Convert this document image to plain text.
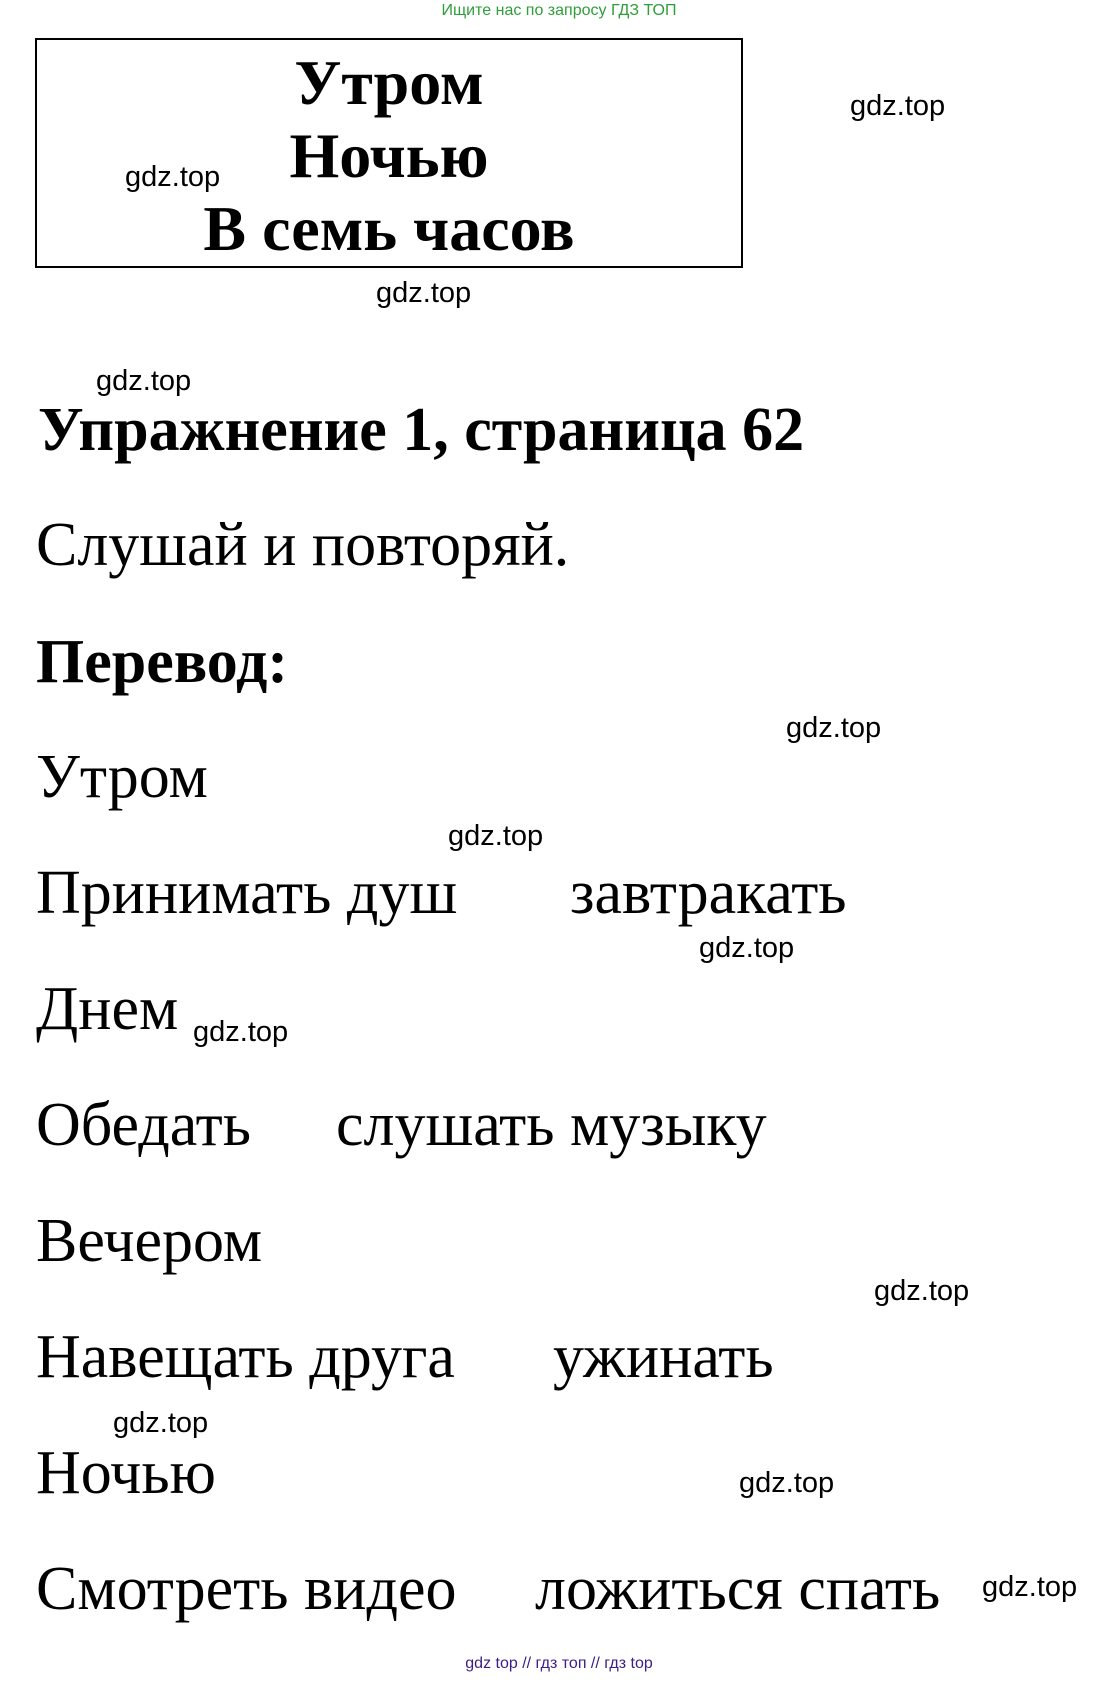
Ищите нас по запросу ГДЗ ТОП
Утром
Ночью
В семь часов
gdz.top
gdz.top
gdz.top
gdz.top
gdz.top
gdz.top
gdz.top
gdz.top
gdz.top
gdz.top
gdz.top
gdz.top
Упражнение 1, страница 62
Слушай и повторяй.
Перевод:
Утром
Принимать душ завтракать
Днем
Обедать слушать музыку
Вечером
Навещать друга ужинать
Ночью
Смотреть видео ложиться спать
gdz top // гдз топ // гдз top
